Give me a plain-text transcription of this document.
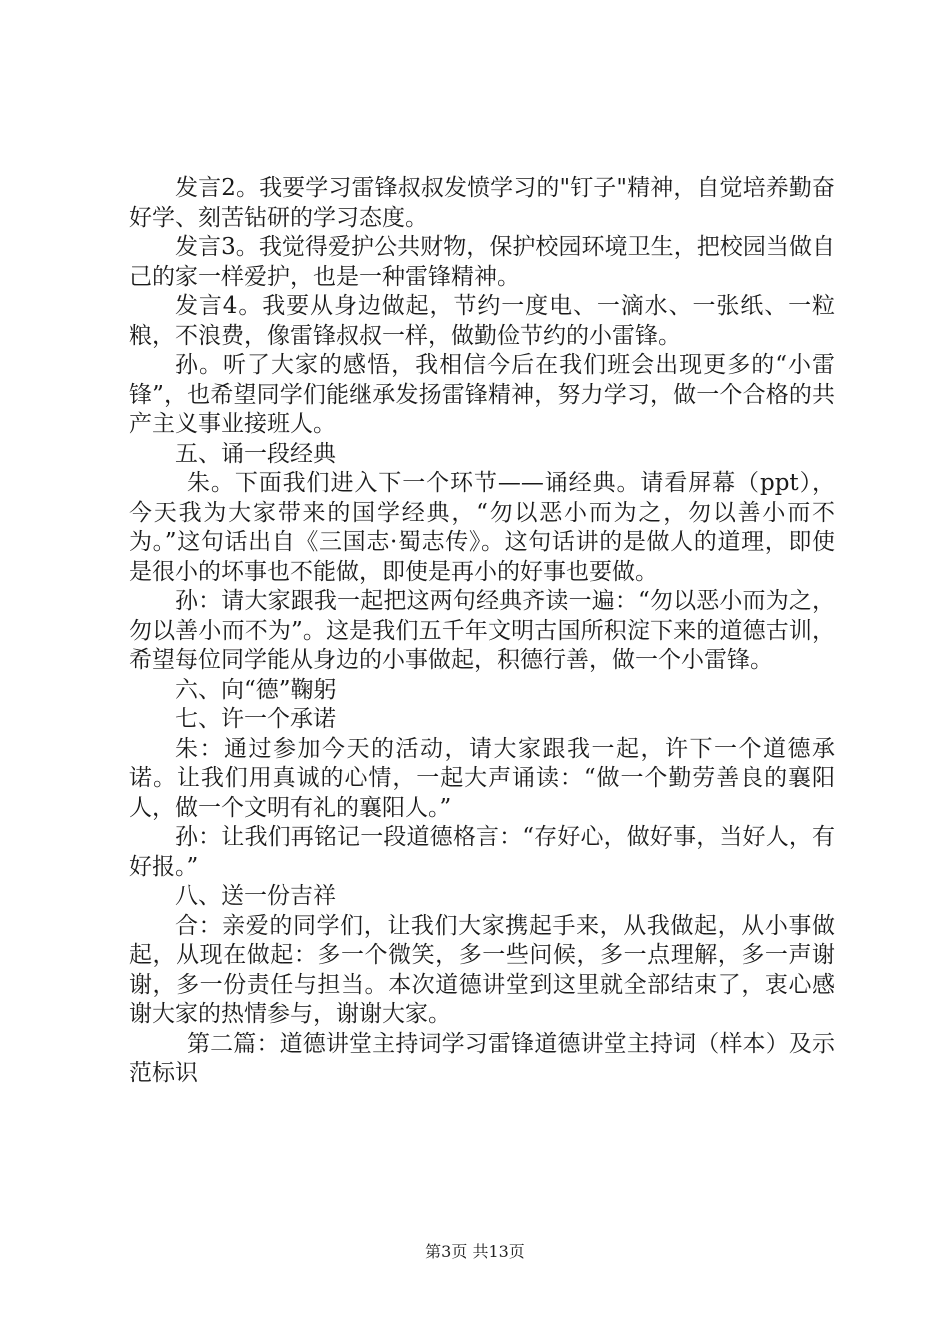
发言2。我要学习雷锋叔叔发愤学习的"钉子"精神，自觉培养勤奋好学、刻苦钻研的学习态度。

发言3。我觉得爱护公共财物，保护校园环境卫生，把校园当做自己的家一样爱护，也是一种雷锋精神。

发言4。我要从身边做起，节约一度电、一滴水、一张纸、一粒粮，不浪费，像雷锋叔叔一样，做勤俭节约的小雷锋。

孙。听了大家的感悟，我相信今后在我们班会出现更多的“小雷锋”，也希望同学们能继承发扬雷锋精神，努力学习，做一个合格的共产主义事业接班人。

五、诵一段经典

朱。下面我们进入下一个环节——诵经典。请看屏幕（ppt），今天我为大家带来的国学经典，“勿以恶小而为之，勿以善小而不为。”这句话出自《三国志·蜀志传》。这句话讲的是做人的道理，即使是很小的坏事也不能做，即使是再小的好事也要做。

孙：请大家跟我一起把这两句经典齐读一遍：“勿以恶小而为之，勿以善小而不为”。这是我们五千年文明古国所积淀下来的道德古训，希望每位同学能从身边的小事做起，积德行善，做一个小雷锋。

六、向“德”鞠躬

七、许一个承诺

朱：通过参加今天的活动，请大家跟我一起，许下一个道德承诺。让我们用真诚的心情，一起大声诵读：“做一个勤劳善良的襄阳人，做一个文明有礼的襄阳人。”

孙：让我们再铭记一段道德格言：“存好心，做好事，当好人，有好报。”

八、送一份吉祥

合：亲爱的同学们，让我们大家携起手来，从我做起，从小事做起，从现在做起：多一个微笑，多一些问候，多一点理解，多一声谢谢，多一份责任与担当。本次道德讲堂到这里就全部结束了，衷心感谢大家的热情参与，谢谢大家。

第二篇：道德讲堂主持词学习雷锋道德讲堂主持词（样本）及示范标识

第3页 共13页
